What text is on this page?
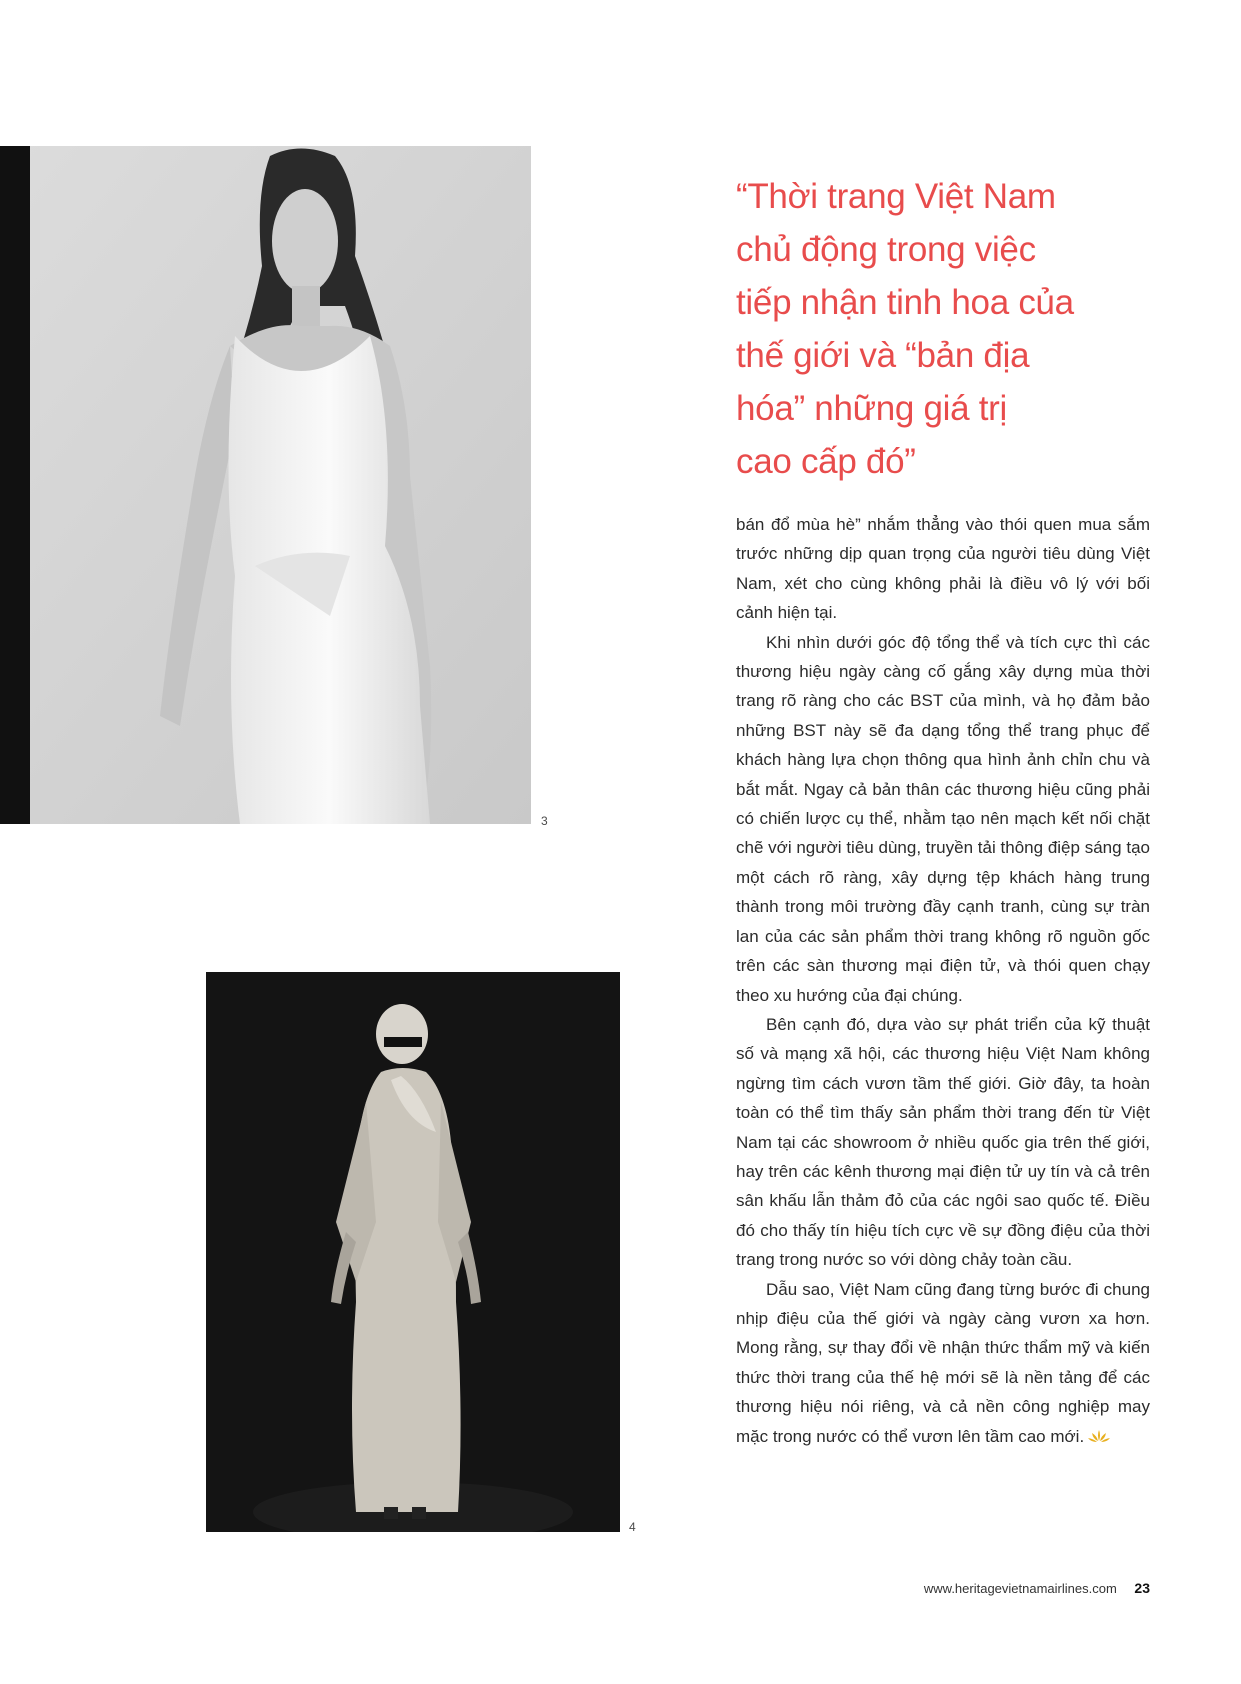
3
4
“Thời trang Việt Nam
chủ động trong việc
tiếp nhận tinh hoa của
thế giới và “bản địa
hóa” những giá trị
cao cấp đó”

bán đổ mùa hè” nhắm thẳng vào thói quen mua sắm trước những dịp quan trọng của người tiêu dùng Việt Nam, xét cho cùng không phải là điều vô lý với bối cảnh hiện tại.

Khi nhìn dưới góc độ tổng thể và tích cực thì các thương hiệu ngày càng cố gắng xây dựng mùa thời trang rõ ràng cho các BST của mình, và họ đảm bảo những BST này sẽ đa dạng tổng thể trang phục để khách hàng lựa chọn thông qua hình ảnh chỉn chu và bắt mắt. Ngay cả bản thân các thương hiệu cũng phải có chiến lược cụ thể, nhằm tạo nên mạch kết nối chặt chẽ với người tiêu dùng, truyền tải thông điệp sáng tạo một cách rõ ràng, xây dựng tệp khách hàng trung thành trong môi trường đầy cạnh tranh, cùng sự tràn lan của các sản phẩm thời trang không rõ nguồn gốc trên các sàn thương mại điện tử, và thói quen chạy theo xu hướng của đại chúng.

Bên cạnh đó, dựa vào sự phát triển của kỹ thuật số và mạng xã hội, các thương hiệu Việt Nam không ngừng tìm cách vươn tầm thế giới. Giờ đây, ta hoàn toàn có thể tìm thấy sản phẩm thời trang đến từ Việt Nam tại các showroom ở nhiều quốc gia trên thế giới, hay trên các kênh thương mại điện tử uy tín và cả trên sân khấu lẫn thảm đỏ của các ngôi sao quốc tế. Điều đó cho thấy tín hiệu tích cực về sự đồng điệu của thời trang trong nước so với dòng chảy toàn cầu.

Dẫu sao, Việt Nam cũng đang từng bước đi chung nhịp điệu của thế giới và ngày càng vươn xa hơn. Mong rằng, sự thay đổi về nhận thức thẩm mỹ và kiến thức thời trang của thế hệ mới sẽ là nền tảng để các thương hiệu nói riêng, và cả nền công nghiệp may mặc trong nước có thể vươn lên tầm cao mới.

www.heritagevietnamairlines.com 23
